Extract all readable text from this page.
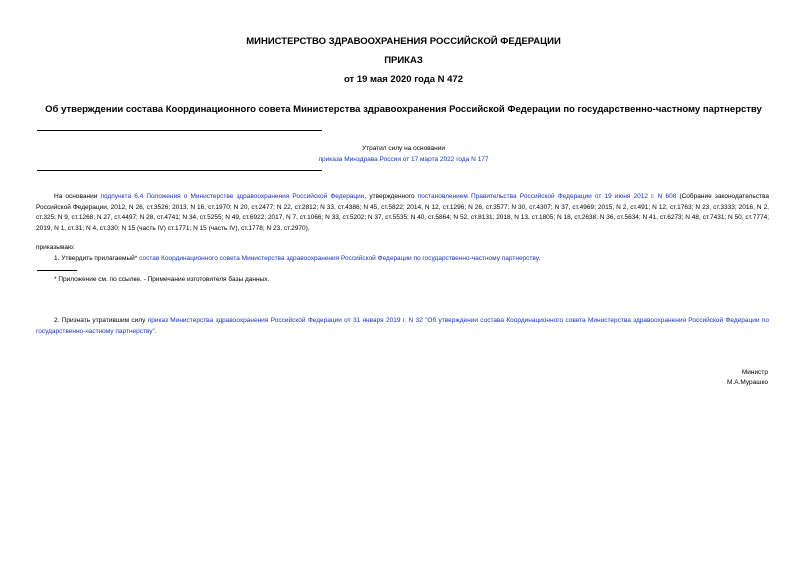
МИНИСТЕРСТВО ЗДРАВООХРАНЕНИЯ РОССИЙСКОЙ ФЕДЕРАЦИИ
ПРИКАЗ
от 19 мая 2020 года N 472
Об утверждении состава Координационного совета Министерства здравоохранения Российской Федерации по государственно-частному партнерству
Утратил силу на основании
приказа Минздрава России от 17 марта 2022 года N 177
На основании подпункта 6.4 Положения о Министерстве здравоохранения Российской Федерации, утвержденного постановлением Правительства Российской Федерации от 19 июня 2012 г. N 608 (Собрание законодательства Российской Федерации, 2012, N 26, ст.3526; 2013, N 16, ст.1970; N 20, ст.2477; N 22, ст.2812; N 33, ст.4386; N 45, ст.5822; 2014, N 12, ст.1296; N 26, ст.3577; N 30, ст.4307; N 37, ст.4969; 2015, N 2, ст.491; N 12, ст.1763; N 23, ст.3333; 2016, N 2, ст.325; N 9, ст.1268; N 27, ст.4497; N 28, ст.4741; N 34, ст.5255; N 49, ст.6922; 2017, N 7, ст.1066; N 33, ст.5202; N 37, ст.5535; N 40, ст.5864; N 52, ст.8131; 2018, N 13, ст.1805; N 18, ст.2638; N 36, ст.5634; N 41, ст.6273; N 48, ст.7431; N 50, ст.7774; 2019, N 1, ст.31; N 4, ст.330; N 15 (часть IV) ст.1771; N 15 (часть IV), ст.1778; N 23, ст.2970),
приказываю:
1. Утвердить прилагаемый* состав Координационного совета Министерства здравоохранения Российской Федерации по государственно-частному партнерству.
* Приложение см. по ссылке. - Примечание изготовителя базы данных.
2. Признать утратившим силу приказ Министерства здравоохранения Российской Федерации от 31 января 2019 г. N 32 "Об утверждении состава Координационного совета Министерства здравоохранения Российской Федерации по государственно-частному партнерству".
Министр
М.А.Мурашко
